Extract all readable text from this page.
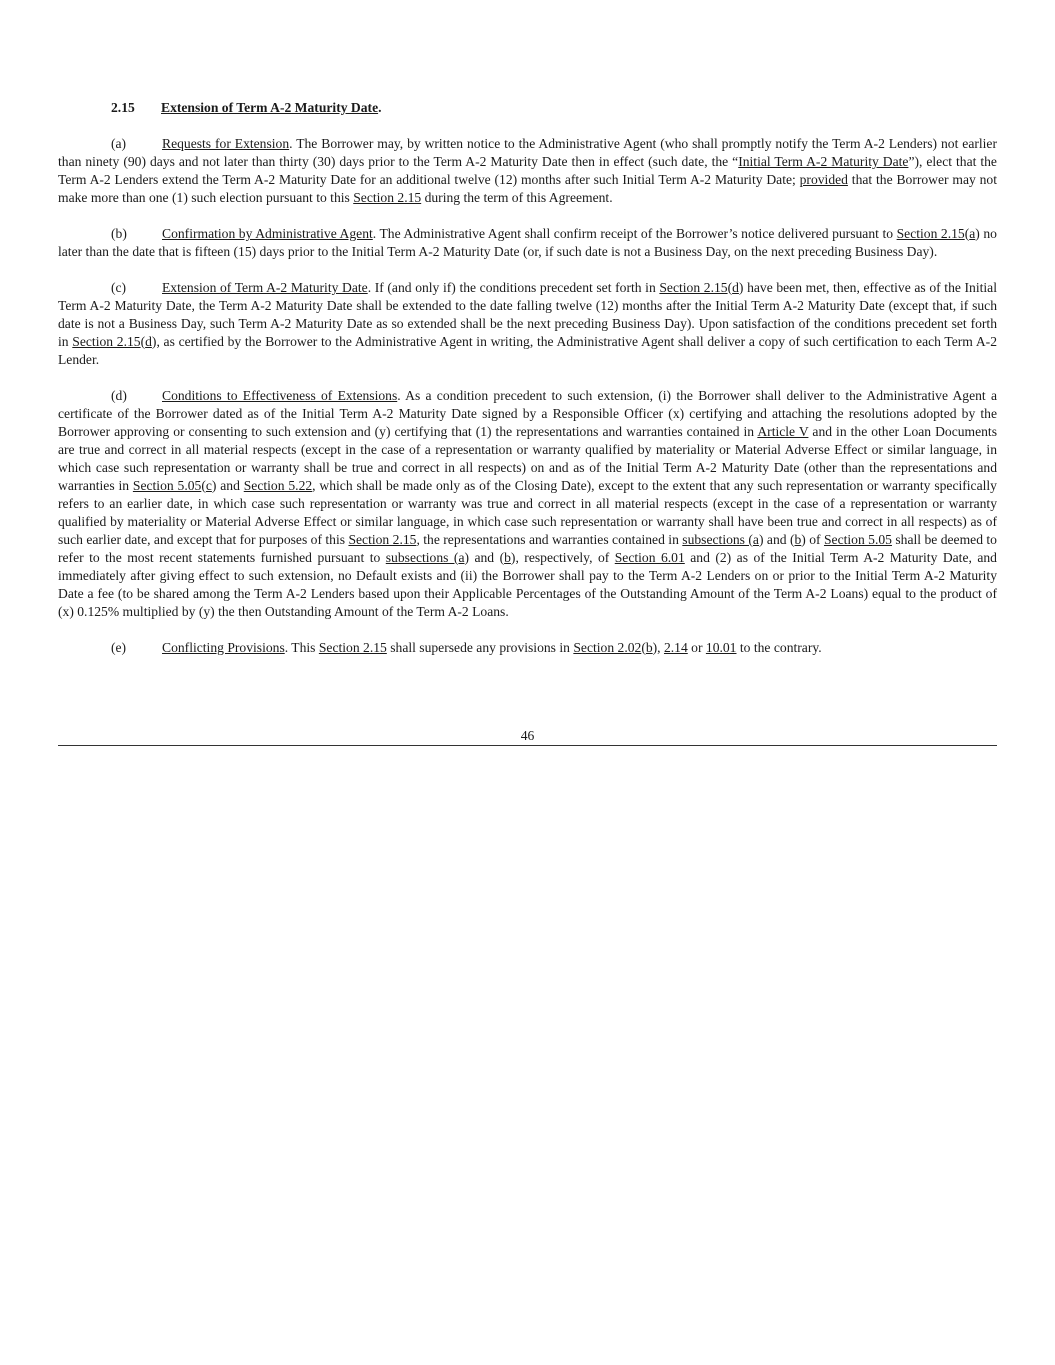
2.15 Extension of Term A-2 Maturity Date.

(a)	Requests for Extension. The Borrower may, by written notice to the Administrative Agent (who shall promptly notify the Term A-2 Lenders) not earlier than ninety (90) days and not later than thirty (30) days prior to the Term A-2 Maturity Date then in effect (such date, the “Initial Term A-2 Maturity Date”), elect that the Term A-2 Lenders extend the Term A-2 Maturity Date for an additional twelve (12) months after such Initial Term A-2 Maturity Date; provided that the Borrower may not make more than one (1) such election pursuant to this Section 2.15 during the term of this Agreement.

(b)	Confirmation by Administrative Agent. The Administrative Agent shall confirm receipt of the Borrower’s notice delivered pursuant to Section 2.15(a) no later than the date that is fifteen (15) days prior to the Initial Term A-2 Maturity Date (or, if such date is not a Business Day, on the next preceding Business Day).

(c)	Extension of Term A-2 Maturity Date. If (and only if) the conditions precedent set forth in Section 2.15(d) have been met, then, effective as of the Initial Term A-2 Maturity Date, the Term A-2 Maturity Date shall be extended to the date falling twelve (12) months after the Initial Term A-2 Maturity Date (except that, if such date is not a Business Day, such Term A-2 Maturity Date as so extended shall be the next preceding Business Day). Upon satisfaction of the conditions precedent set forth in Section 2.15(d), as certified by the Borrower to the Administrative Agent in writing, the Administrative Agent shall deliver a copy of such certification to each Term A-2 Lender.

(d)	Conditions to Effectiveness of Extensions. As a condition precedent to such extension, (i) the Borrower shall deliver to the Administrative Agent a certificate of the Borrower dated as of the Initial Term A-2 Maturity Date signed by a Responsible Officer (x) certifying and attaching the resolutions adopted by the Borrower approving or consenting to such extension and (y) certifying that (1) the representations and warranties contained in Article V and in the other Loan Documents are true and correct in all material respects (except in the case of a representation or warranty qualified by materiality or Material Adverse Effect or similar language, in which case such representation or warranty shall be true and correct in all respects) on and as of the Initial Term A-2 Maturity Date (other than the representations and warranties in Section 5.05(c) and Section 5.22, which shall be made only as of the Closing Date), except to the extent that any such representation or warranty specifically refers to an earlier date, in which case such representation or warranty was true and correct in all material respects (except in the case of a representation or warranty qualified by materiality or Material Adverse Effect or similar language, in which case such representation or warranty shall have been true and correct in all respects) as of such earlier date, and except that for purposes of this Section 2.15, the representations and warranties contained in subsections (a) and (b) of Section 5.05 shall be deemed to refer to the most recent statements furnished pursuant to subsections (a) and (b), respectively, of Section 6.01 and (2) as of the Initial Term A-2 Maturity Date, and immediately after giving effect to such extension, no Default exists and (ii) the Borrower shall pay to the Term A-2 Lenders on or prior to the Initial Term A-2 Maturity Date a fee (to be shared among the Term A-2 Lenders based upon their Applicable Percentages of the Outstanding Amount of the Term A-2 Loans) equal to the product of (x) 0.125% multiplied by (y) the then Outstanding Amount of the Term A-2 Loans.

(e)	Conflicting Provisions. This Section 2.15 shall supersede any provisions in Section 2.02(b), 2.14 or 10.01 to the contrary.

46
